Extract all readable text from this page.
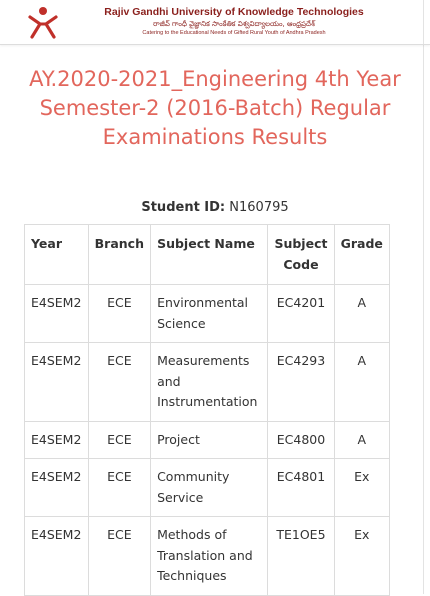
Rajiv Gandhi University of Knowledge Technologies
రాజీవ్ గాంధీ వైజ్ఞానిక సాంకేతిక విశ్వవిద్యాలయం, ఆంధ్రప్రదేశ్
Catering to the Educational Needs of Gifted Rural Youth of Andhra Pradesh
AY.2020-2021_Engineering 4th Year Semester-2 (2016-Batch) Regular Examinations Results
Student ID: N160795
Year	Branch	Subject Name	Subject Code	Grade
E4SEM2	ECE	Environmental Science	EC4201	A
E4SEM2	ECE	Measurements and Instrumentation	EC4293	A
E4SEM2	ECE	Project	EC4800	A
E4SEM2	ECE	Community Service	EC4801	Ex
E4SEM2	ECE	Methods of Translation and Techniques	TE1OE5	Ex
